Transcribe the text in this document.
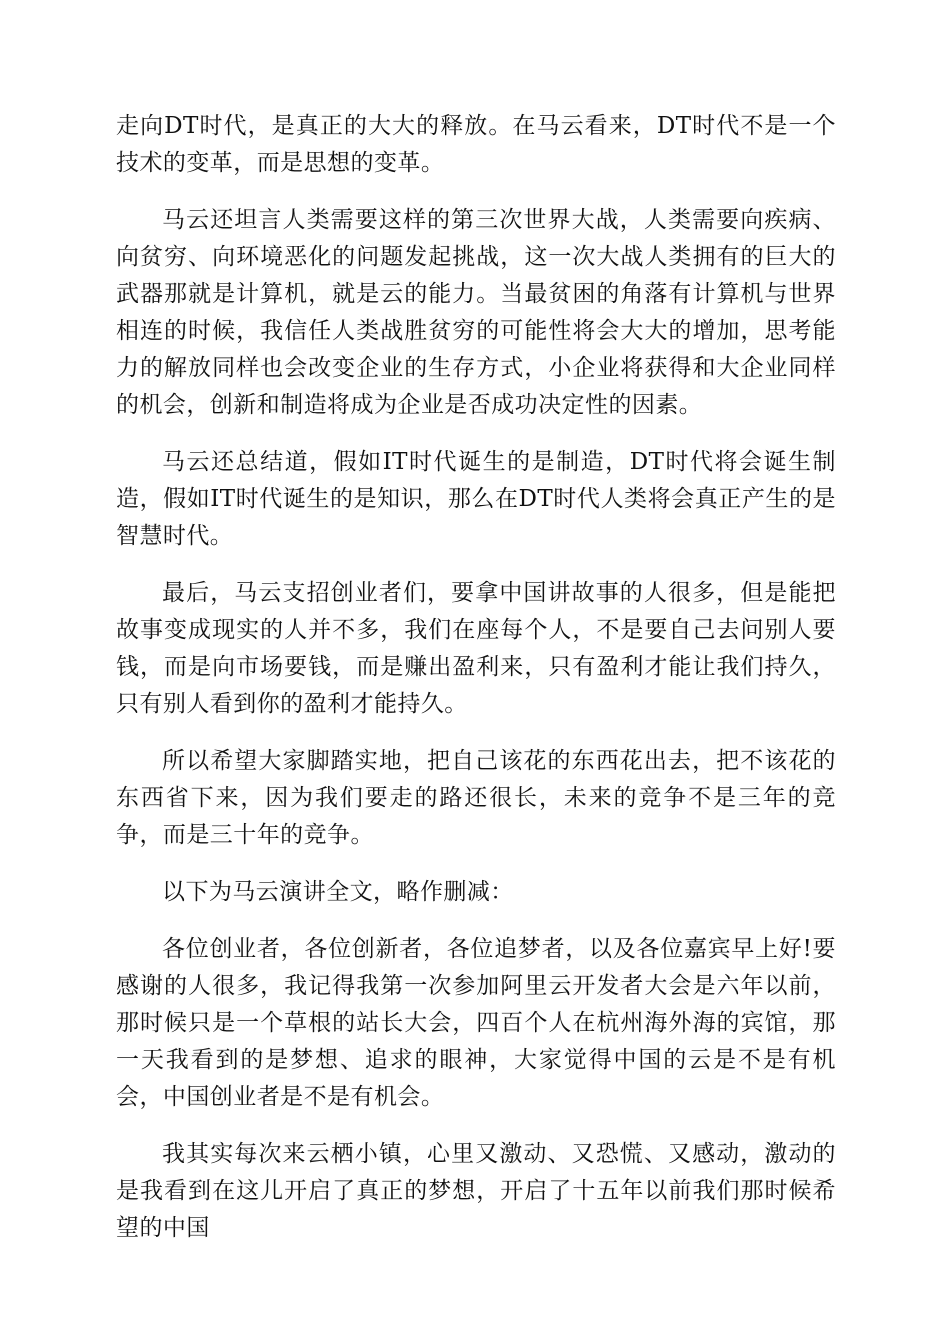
走向DT时代，是真正的大大的释放。在马云看来，DT时代不是一个技术的变革，而是思想的变革。

马云还坦言人类需要这样的第三次世界大战，人类需要向疾病、向贫穷、向环境恶化的问题发起挑战，这一次大战人类拥有的巨大的武器那就是计算机，就是云的能力。当最贫困的角落有计算机与世界相连的时候，我信任人类战胜贫穷的可能性将会大大的增加，思考能力的解放同样也会改变企业的生存方式，小企业将获得和大企业同样的机会，创新和制造将成为企业是否成功决定性的因素。

马云还总结道，假如IT时代诞生的是制造，DT时代将会诞生制造，假如IT时代诞生的是知识，那么在DT时代人类将会真正产生的是智慧时代。

最后，马云支招创业者们，要拿中国讲故事的人很多，但是能把故事变成现实的人并不多，我们在座每个人，不是要自己去问别人要钱，而是向市场要钱，而是赚出盈利来，只有盈利才能让我们持久，只有别人看到你的盈利才能持久。

所以希望大家脚踏实地，把自己该花的东西花出去，把不该花的东西省下来，因为我们要走的路还很长，未来的竞争不是三年的竞争，而是三十年的竞争。

以下为马云演讲全文，略作删减：

各位创业者，各位创新者，各位追梦者，以及各位嘉宾早上好!要感谢的人很多，我记得我第一次参加阿里云开发者大会是六年以前，那时候只是一个草根的站长大会，四百个人在杭州海外海的宾馆，那一天我看到的是梦想、追求的眼神，大家觉得中国的云是不是有机会，中国创业者是不是有机会。

我其实每次来云栖小镇，心里又激动、又恐慌、又感动，激动的是我看到在这儿开启了真正的梦想，开启了十五年以前我们那时候希望的中国
